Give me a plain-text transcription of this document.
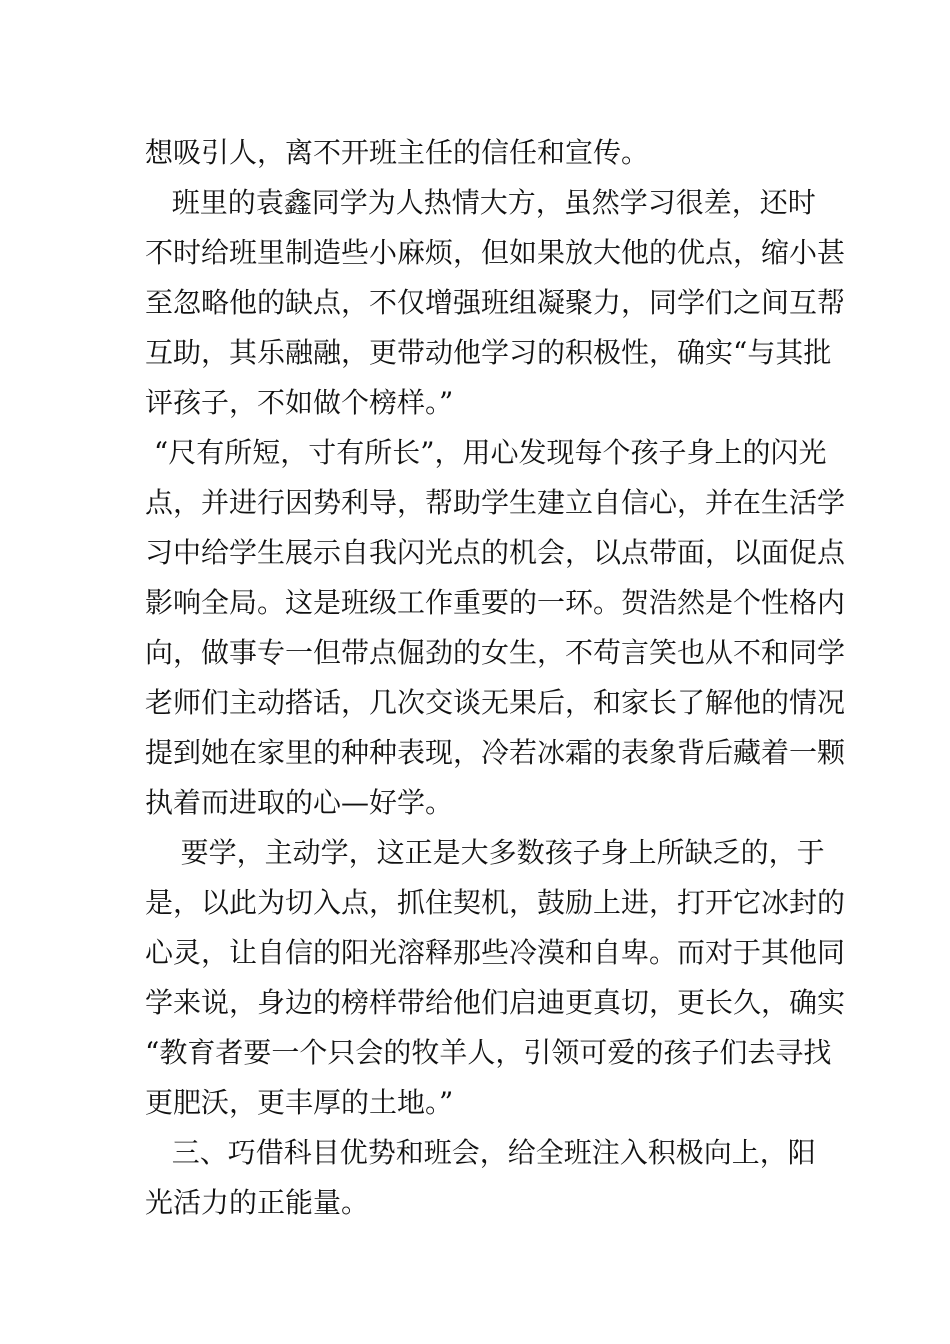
想吸引人，离不开班主任的信任和宣传。
班里的袁鑫同学为人热情大方，虽然学习很差，还时
不时给班里制造些小麻烦，但如果放大他的优点，缩小甚
至忽略他的缺点，不仅增强班组凝聚力，同学们之间互帮
互助，其乐融融，更带动他学习的积极性，确实“与其批
评孩子，不如做个榜样。”
“尺有所短，寸有所长”，用心发现每个孩子身上的闪光
点，并进行因势利导，帮助学生建立自信心，并在生活学
习中给学生展示自我闪光点的机会，以点带面，以面促点
影响全局。这是班级工作重要的一环。贺浩然是个性格内
向，做事专一但带点倔劲的女生，不苟言笑也从不和同学
老师们主动搭话，几次交谈无果后，和家长了解他的情况
提到她在家里的种种表现，冷若冰霜的表象背后藏着一颗
执着而进取的心—好学。
要学，主动学，这正是大多数孩子身上所缺乏的，于
是，以此为切入点，抓住契机，鼓励上进，打开它冰封的
心灵，让自信的阳光溶释那些冷漠和自卑。而对于其他同
学来说，身边的榜样带给他们启迪更真切，更长久，确实
“教育者要一个只会的牧羊人，引领可爱的孩子们去寻找
更肥沃，更丰厚的土地。”
三、巧借科目优势和班会，给全班注入积极向上，阳
光活力的正能量。
